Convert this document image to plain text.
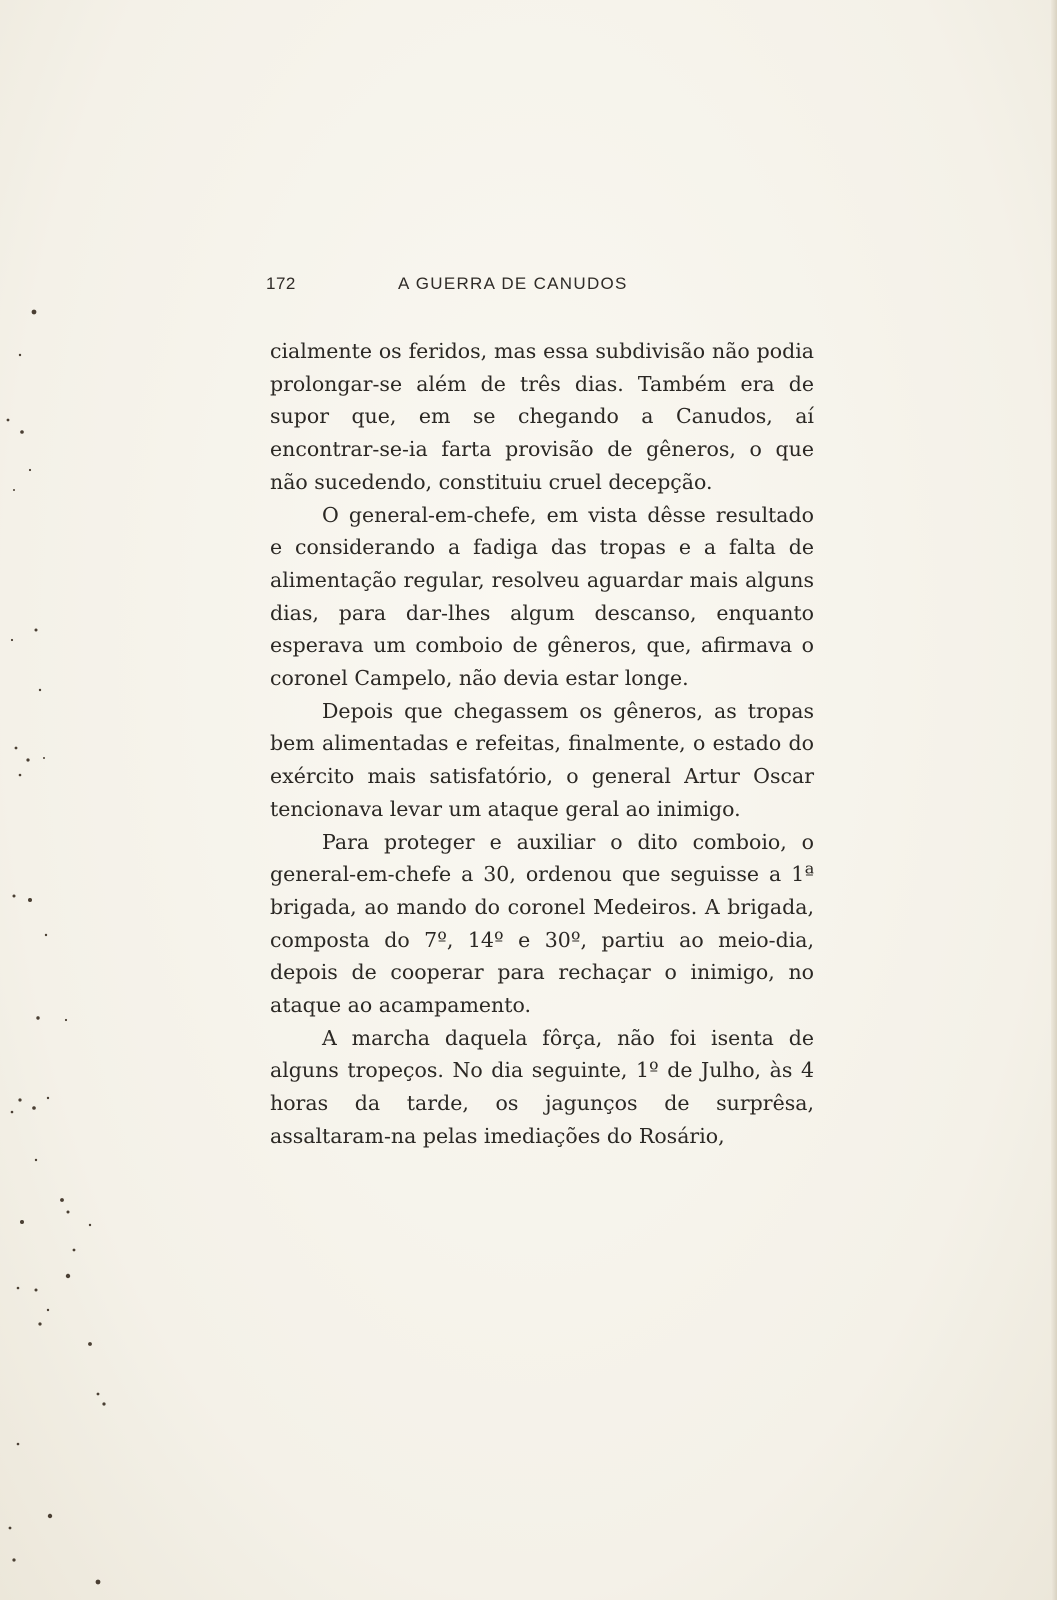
172	A GUERRA DE CANUDOS

cialmente os feridos, mas essa subdivisão não podia prolongar-se além de três dias. Também era de supor que, em se chegando a Canudos, aí encontrar-se-ia farta provisão de gêneros, o que não sucedendo, constituiu cruel decepção.

O general-em-chefe, em vista dêsse resultado e considerando a fadiga das tropas e a falta de alimentação regular, resolveu aguardar mais alguns dias, para dar-lhes algum descanso, enquanto esperava um comboio de gêneros, que, afirmava o coronel Campelo, não devia estar longe.

Depois que chegassem os gêneros, as tropas bem alimentadas e refeitas, finalmente, o estado do exército mais satisfatório, o general Artur Oscar tencionava levar um ataque geral ao inimigo.

Para proteger e auxiliar o dito comboio, o general-em-chefe a 30, ordenou que seguisse a 1ª brigada, ao mando do coronel Medeiros. A brigada, composta do 7º, 14º e 30º, partiu ao meio-dia, depois de cooperar para rechaçar o inimigo, no ataque ao acampamento.

A marcha daquela fôrça, não foi isenta de alguns tropeços. No dia seguinte, 1º de Julho, às 4 horas da tarde, os jagunços de surprêsa, assaltaram-na pelas imediações do Rosário,
